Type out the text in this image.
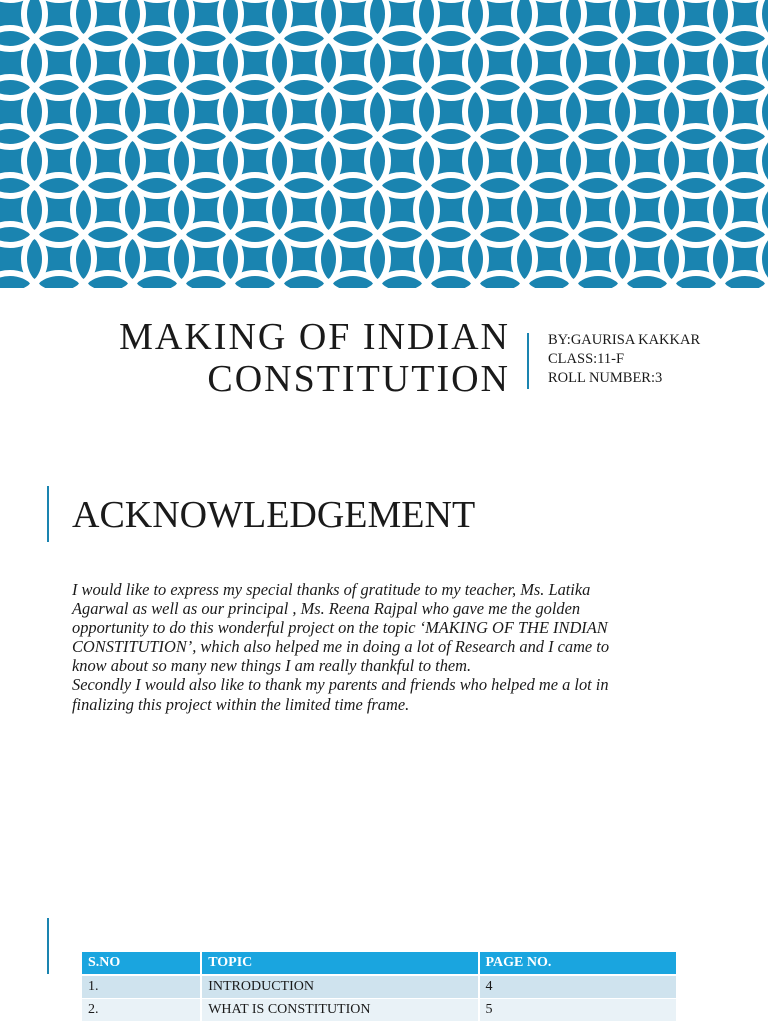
MAKING OF INDIAN
CONSTITUTION
BY:GAURISA KAKKAR
CLASS:11-F
ROLL NUMBER:3
ACKNOWLEDGEMENT

I would like to express my special thanks of gratitude to my teacher, Ms. Latika
Agarwal as well as our principal , Ms. Reena Rajpal who gave me the golden
opportunity to do this wonderful project on the topic ‘MAKING OF THE INDIAN
CONSTITUTION’, which also helped me in doing a lot of Research and I came to
know about so many new things I am really thankful to them.
Secondly I would also like to thank my parents and friends who helped me a lot in
finalizing this project within the limited time frame.

S.NO	TOPIC	PAGE NO.
1.	INTRODUCTION	4
2.	WHAT IS CONSTITUTION	5
